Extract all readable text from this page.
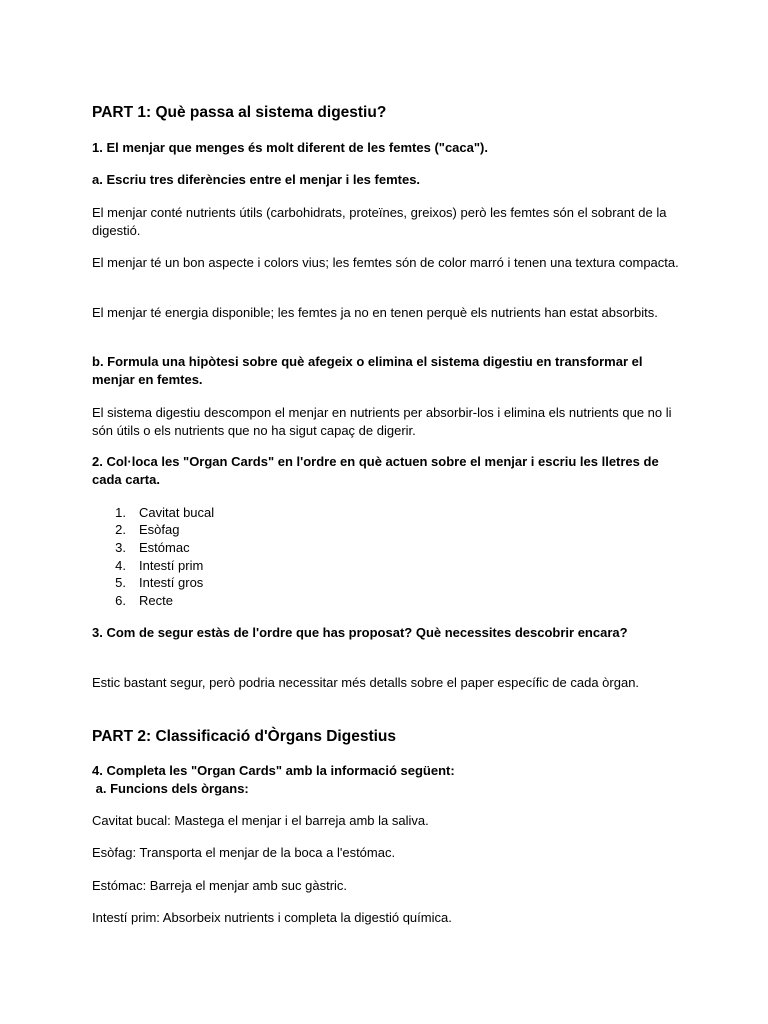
PART 1: Què passa al sistema digestiu?

1. El menjar que menges és molt diferent de les femtes ("caca").

a. Escriu tres diferències entre el menjar i les femtes.

El menjar conté nutrients útils (carbohidrats, proteïnes, greixos) però les femtes són el sobrant de la digestió.

El menjar té un bon aspecte i colors vius; les femtes són de color marró i tenen una textura compacta.

El menjar té energia disponible; les femtes ja no en tenen perquè els nutrients han estat absorbits.

b. Formula una hipòtesi sobre què afegeix o elimina el sistema digestiu en transformar el menjar en femtes.

El sistema digestiu descompon el menjar en nutrients per absorbir-los i elimina els nutrients que no li són útils o els nutrients que no ha sigut capaç de digerir.

2. Col·loca les "Organ Cards" en l'ordre en què actuen sobre el menjar i escriu les lletres de cada carta.

1. Cavitat bucal
2. Esòfag
3. Estómac
4. Intestí prim
5. Intestí gros
6. Recte

3. Com de segur estàs de l'ordre que has proposat? Què necessites descobrir encara?

Estic bastant segur, però podria necessitar més detalls sobre el paper específic de cada òrgan.

PART 2: Classificació d'Òrgans Digestius

4. Completa les "Organ Cards" amb la informació següent:

a. Funcions dels òrgans:

Cavitat bucal: Mastega el menjar i el barreja amb la saliva.

Esòfag: Transporta el menjar de la boca a l'estómac.

Estómac: Barreja el menjar amb suc gàstric.

Intestí prim: Absorbeix nutrients i completa la digestió química.
